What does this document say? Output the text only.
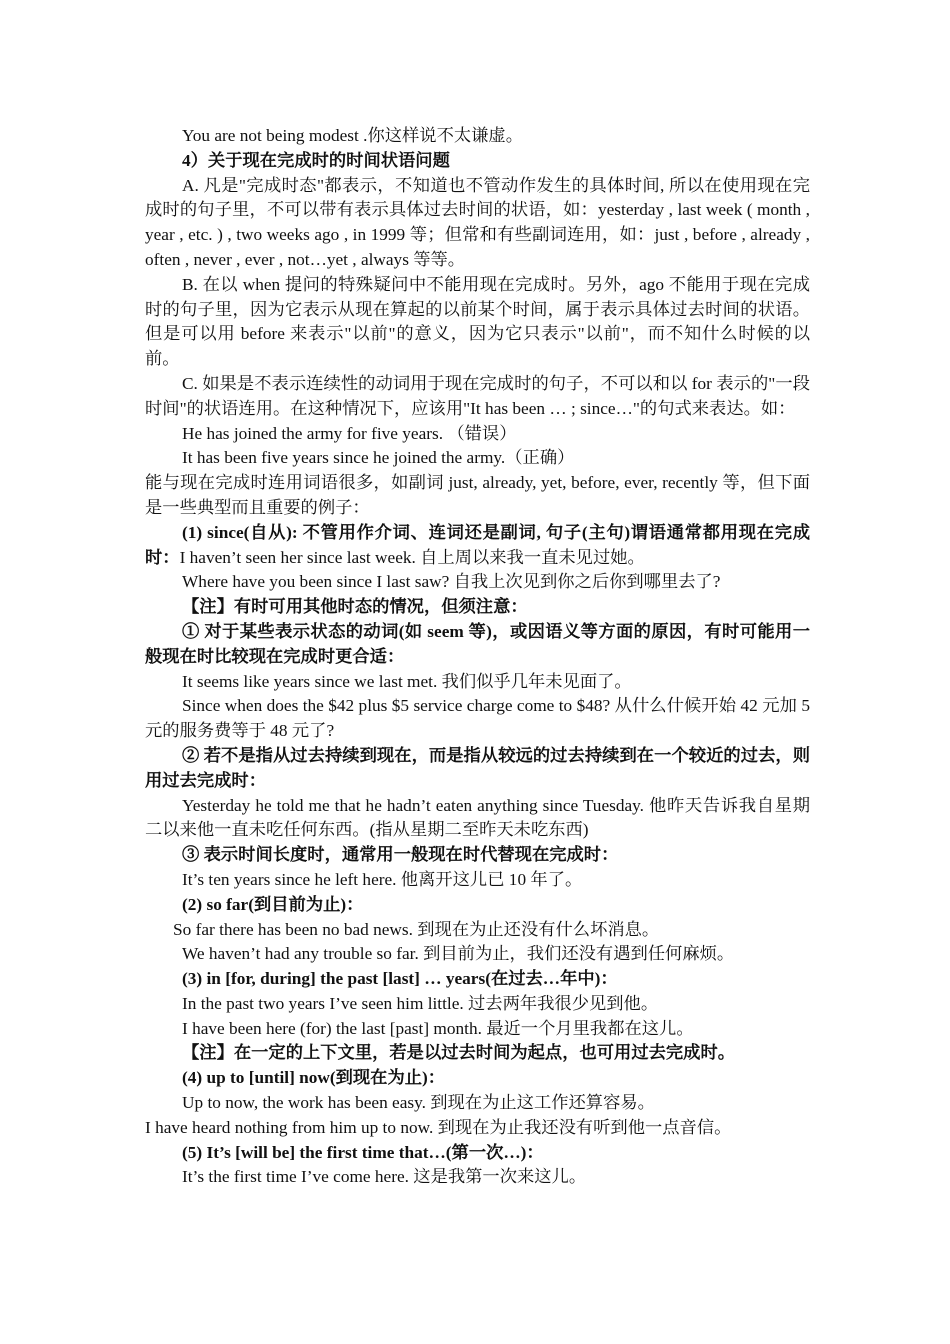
You are not being modest .你这样说不太谦虚。
4）关于现在完成时的时间状语问题

A. 凡是"完成时态"都表示，不知道也不管动作发生的具体时间, 所以在使用现在完成时的句子里，不可以带有表示具体过去时间的状语，如：yesterday , last week ( month , year , etc. ) , two weeks ago , in 1999 等；但常和有些副词连用，如：just , before , already , often , never , ever , not…yet , always 等等。

B. 在以 when 提问的特殊疑问中不能用现在完成时。另外，ago 不能用于现在完成时的句子里，因为它表示从现在算起的以前某个时间，属于表示具体过去时间的状语。但是可以用 before 来表示"以前"的意义，因为它只表示"以前"，而不知什么时候的以前。

C. 如果是不表示连续性的动词用于现在完成时的句子，不可以和以 for 表示的"一段时间"的状语连用。在这种情况下，应该用"It has been … ; since…"的句式来表达。如：

He has joined the army for five years. （错误）
It has been five years since he joined the army.（正确）

能与现在完成时连用词语很多，如副词 just, already, yet, before, ever, recently 等，但下面是一些典型而且重要的例子：

(1) since(自从): 不管用作介词、连词还是副词, 句子(主句)谓语通常都用现在完成时：I haven’t seen her since last week. 自上周以来我一直未见过她。

Where have you been since I last saw? 自我上次见到你之后你到哪里去了?
【注】有时可用其他时态的情况，但须注意：

① 对于某些表示状态的动词(如 seem 等)，或因语义等方面的原因，有时可能用一般现在时比较现在完成时更合适：

It seems like years since we last met. 我们似乎几年未见面了。

Since when does the $42 plus $5 service charge come to $48? 从什么什候开始 42 元加 5 元的服务费等于 48 元了?

② 若不是指从过去持续到现在，而是指从较远的过去持续到在一个较近的过去，则用过去完成时：

Yesterday he told me that he hadn’t eaten anything since Tuesday. 他昨天告诉我自星期二以来他一直未吃任何东西。(指从星期二至昨天未吃东西)

③ 表示时间长度时，通常用一般现在时代替现在完成时：
It’s ten years since he left here. 他离开这儿已 10 年了。
(2) so far(到目前为止)：
So far there has been no bad news. 到现在为止还没有什么坏消息。
We haven’t had any trouble so far. 到目前为止，我们还没有遇到任何麻烦。
(3) in [for, during] the past [last] … years(在过去…年中)：
In the past two years I’ve seen him little. 过去两年我很少见到他。
I have been here (for) the last [past] month. 最近一个月里我都在这儿。
【注】在一定的上下文里，若是以过去时间为起点，也可用过去完成时。
(4) up to [until] now(到现在为止)：
Up to now, the work has been easy. 到现在为止这工作还算容易。
I have heard nothing from him up to now. 到现在为止我还没有听到他一点音信。
(5) It’s [will be] the first time that…(第一次…)：
It’s the first time I’ve come here. 这是我第一次来这儿。
